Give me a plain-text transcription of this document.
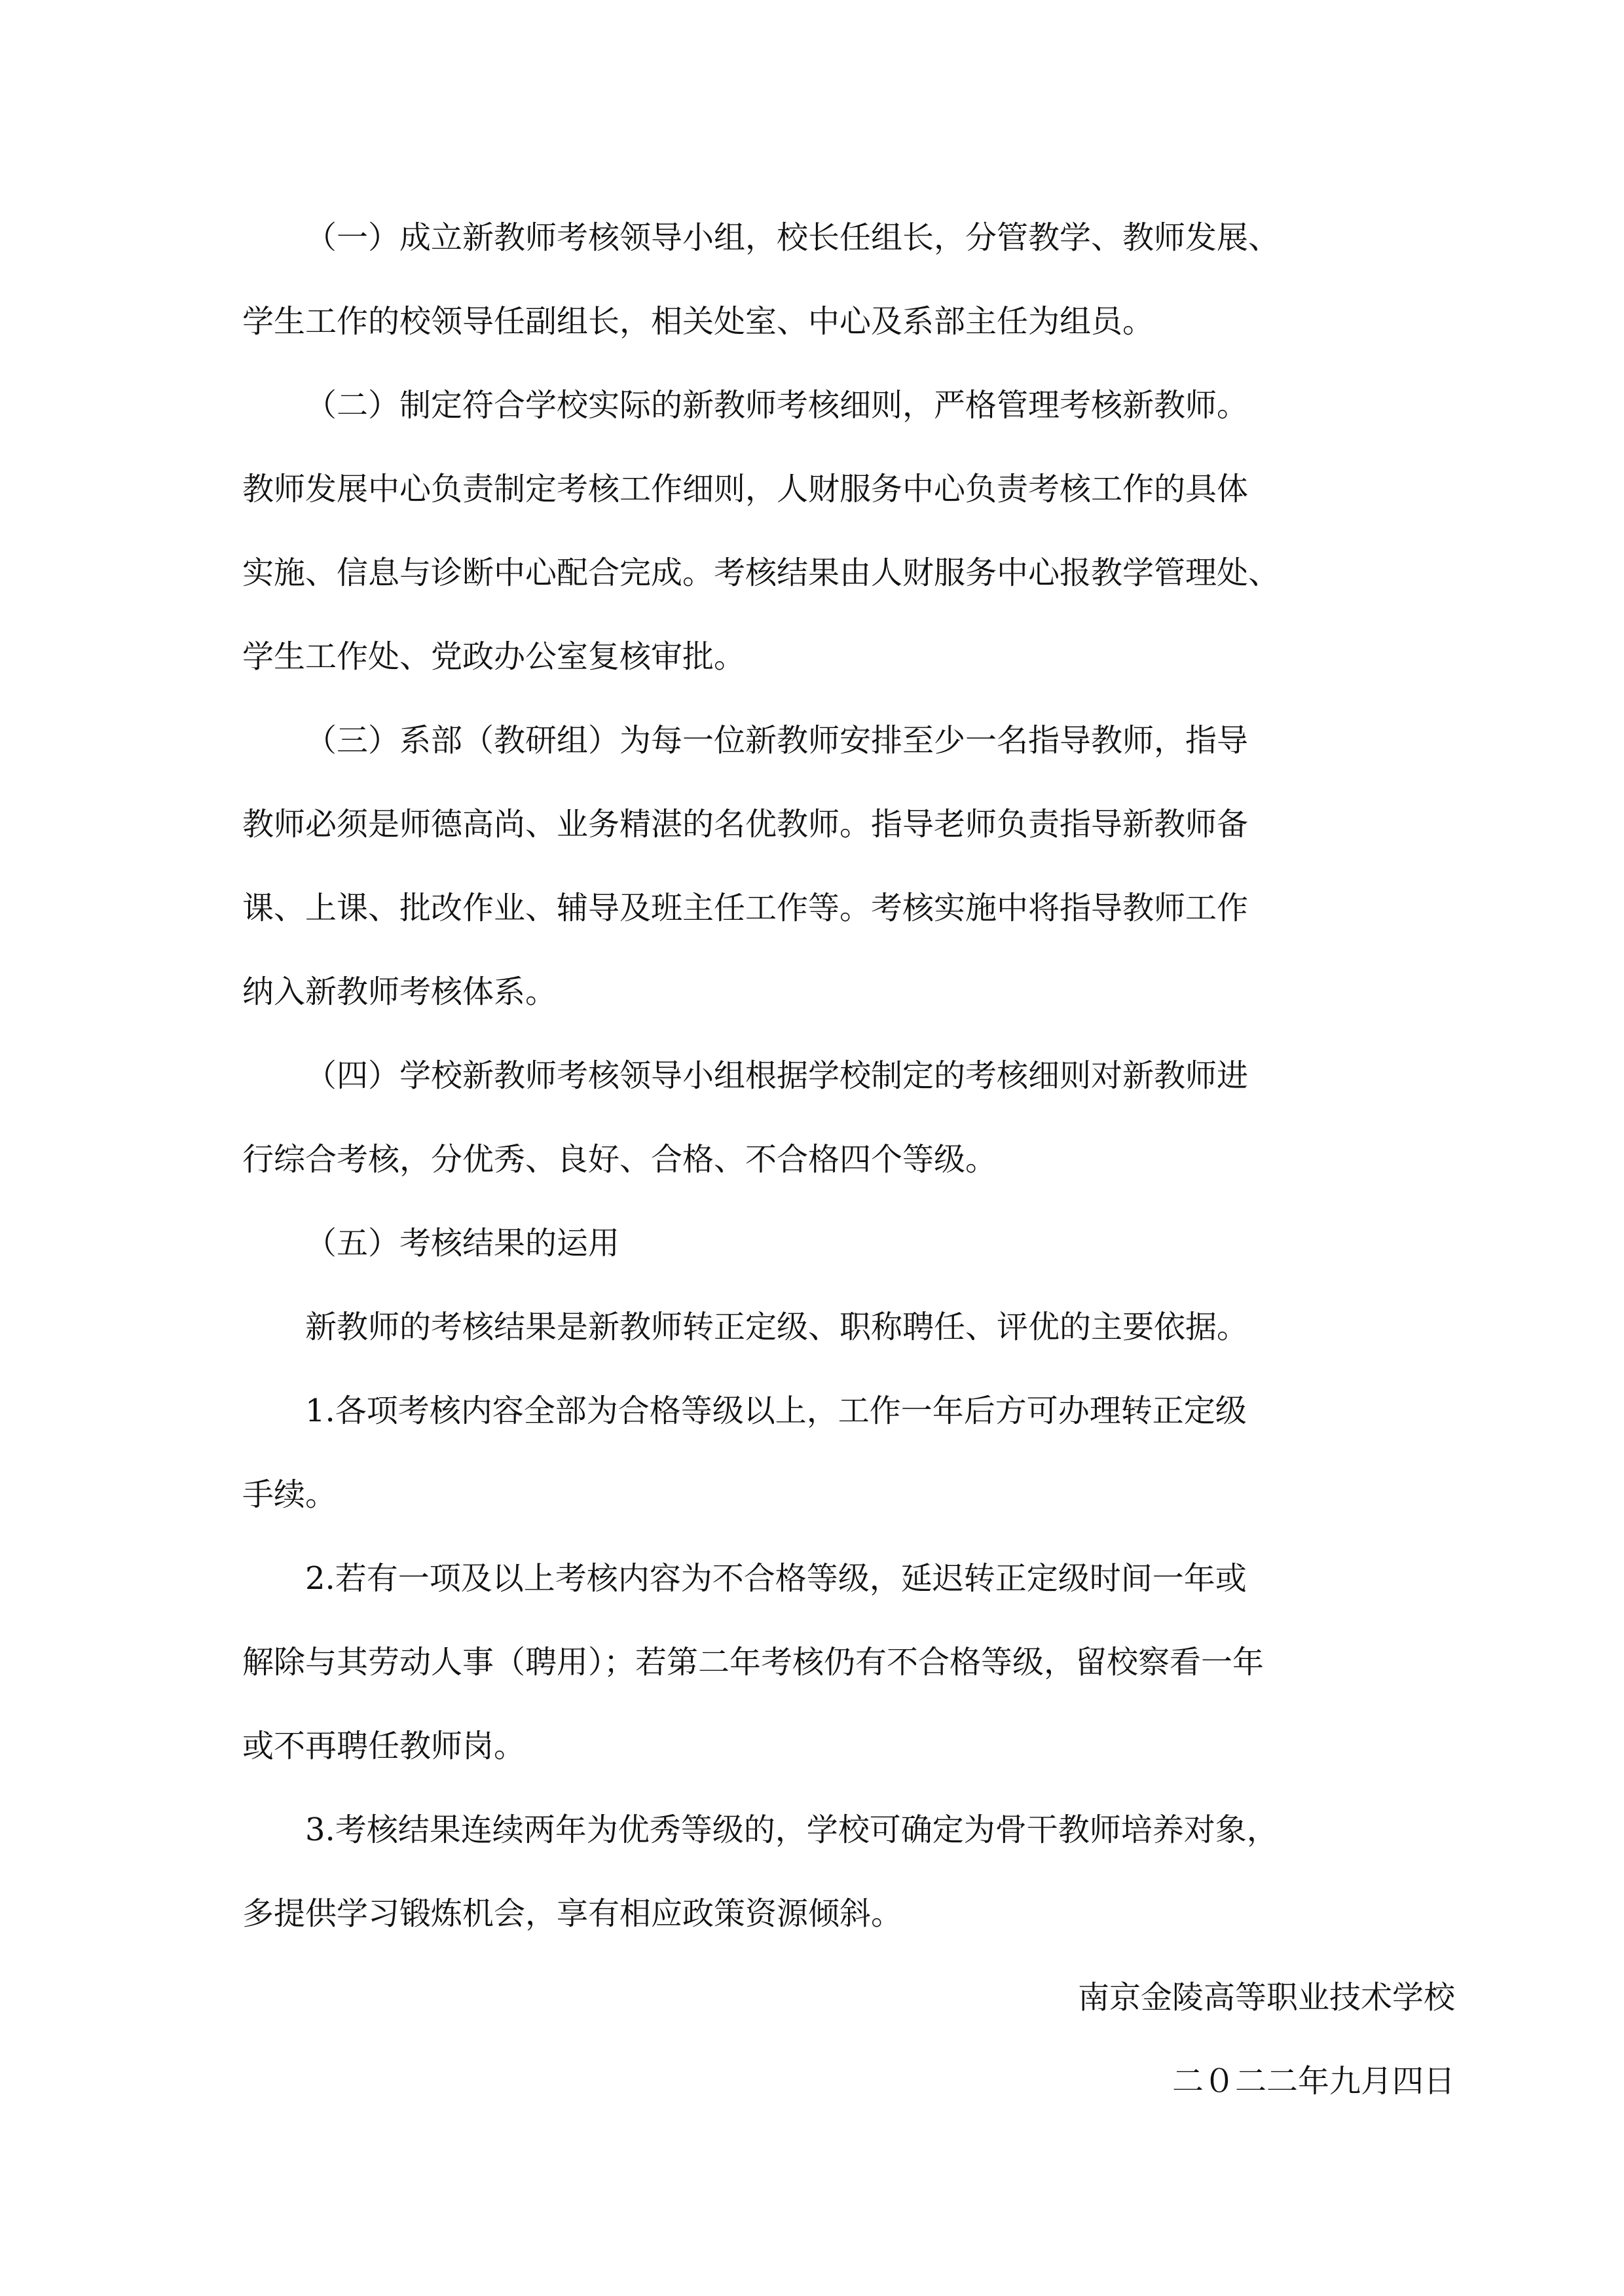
（一）成立新教师考核领导小组，校长任组长，分管教学、教师发展、

学生工作的校领导任副组长，相关处室、中心及系部主任为组员。

（二）制定符合学校实际的新教师考核细则，严格管理考核新教师。

教师发展中心负责制定考核工作细则，人财服务中心负责考核工作的具体

实施、信息与诊断中心配合完成。考核结果由人财服务中心报教学管理处、

学生工作处、党政办公室复核审批。

（三）系部（教研组）为每一位新教师安排至少一名指导教师，指导

教师必须是师德高尚、业务精湛的名优教师。指导老师负责指导新教师备

课、上课、批改作业、辅导及班主任工作等。考核实施中将指导教师工作

纳入新教师考核体系。

（四）学校新教师考核领导小组根据学校制定的考核细则对新教师进

行综合考核，分优秀、良好、合格、不合格四个等级。

（五）考核结果的运用

新教师的考核结果是新教师转正定级、职称聘任、评优的主要依据。

1.各项考核内容全部为合格等级以上，工作一年后方可办理转正定级

手续。

2.若有一项及以上考核内容为不合格等级，延迟转正定级时间一年或

解除与其劳动人事（聘用）；若第二年考核仍有不合格等级，留校察看一年

或不再聘任教师岗。

3.考核结果连续两年为优秀等级的，学校可确定为骨干教师培养对象，

多提供学习锻炼机会，享有相应政策资源倾斜。

南京金陵高等职业技术学校

二０二二年九月四日
